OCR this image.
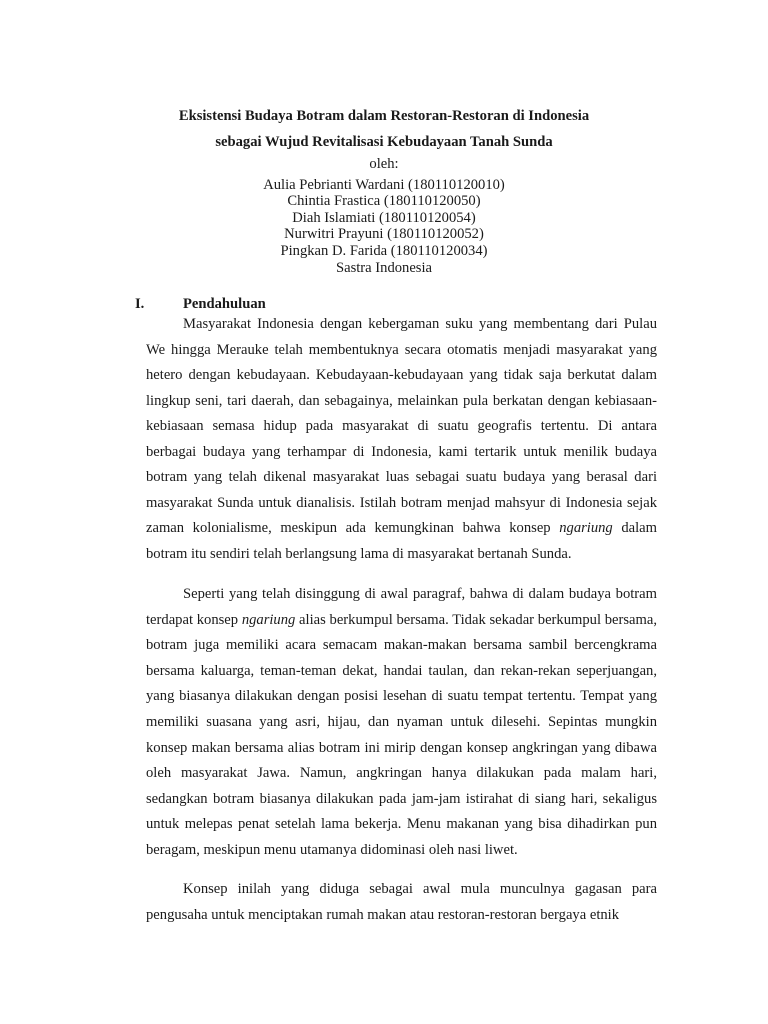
Eksistensi Budaya Botram dalam Restoran-Restoran di Indonesia
sebagai Wujud Revitalisasi Kebudayaan Tanah Sunda
oleh:
Aulia Pebrianti Wardani (180110120010)
Chintia Frastica (180110120050)
Diah Islamiati (180110120054)
Nurwitri Prayuni (180110120052)
Pingkan D. Farida (180110120034)
Sastra Indonesia
I.	Pendahuluan

Masyarakat Indonesia dengan kebergaman suku yang membentang dari Pulau We hingga Merauke telah membentuknya secara otomatis menjadi masyarakat yang hetero dengan kebudayaan. Kebudayaan-kebudayaan yang tidak saja berkutat dalam lingkup seni, tari daerah, dan sebagainya, melainkan pula berkatan dengan kebiasaan-kebiasaan semasa hidup pada masyarakat di suatu geografis tertentu. Di antara berbagai budaya yang terhampar di Indonesia, kami tertarik untuk menilik budaya botram yang telah dikenal masyarakat luas sebagai suatu budaya yang berasal dari masyarakat Sunda untuk dianalisis. Istilah botram menjad mahsyur di Indonesia sejak zaman kolonialisme, meskipun ada kemungkinan bahwa konsep ngariung dalam botram itu sendiri telah berlangsung lama di masyarakat bertanah Sunda.

Seperti yang telah disinggung di awal paragraf, bahwa di dalam budaya botram terdapat konsep ngariung alias berkumpul bersama. Tidak sekadar berkumpul bersama, botram juga memiliki acara semacam makan-makan bersama sambil bercengkrama bersama kaluarga, teman-teman dekat, handai taulan, dan rekan-rekan seperjuangan, yang biasanya dilakukan dengan posisi lesehan di suatu tempat tertentu. Tempat yang memiliki suasana yang asri, hijau, dan nyaman untuk dilesehi. Sepintas mungkin konsep makan bersama alias botram ini mirip dengan konsep angkringan yang dibawa oleh masyarakat Jawa. Namun, angkringan hanya dilakukan pada malam hari, sedangkan botram biasanya dilakukan pada jam-jam istirahat di siang hari, sekaligus untuk melepas penat setelah lama bekerja. Menu makanan yang bisa dihadirkan pun beragam, meskipun menu utamanya didominasi oleh nasi liwet.

Konsep inilah yang diduga sebagai awal mula munculnya gagasan para pengusaha untuk menciptakan rumah makan atau restoran-restoran bergaya etnik
